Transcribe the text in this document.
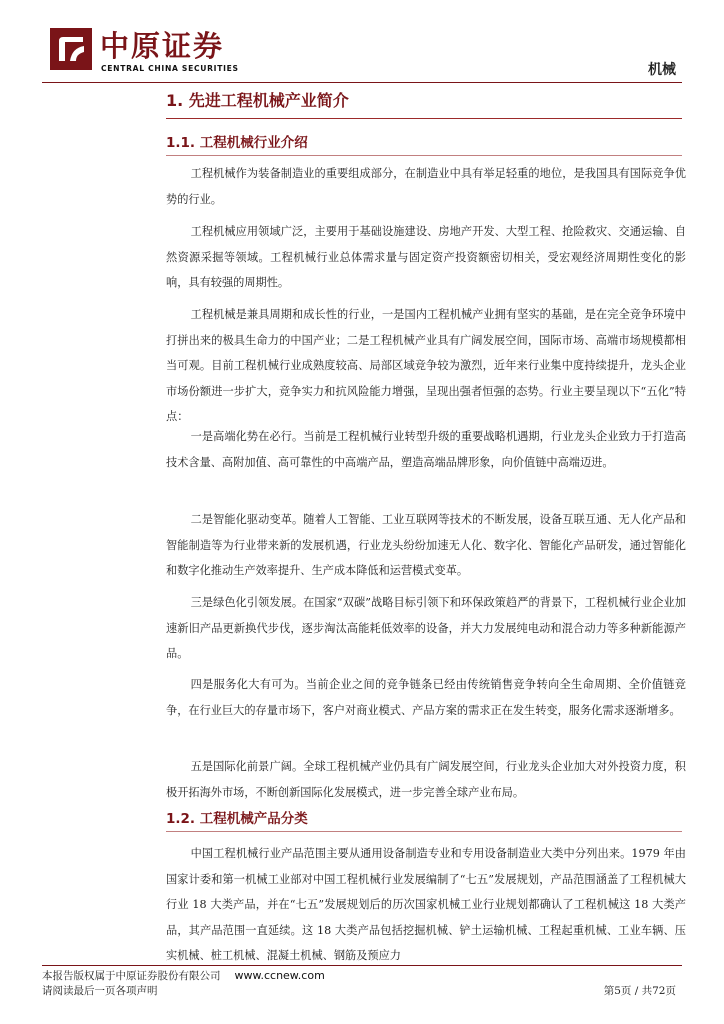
中原证券
CENTRAL CHINA SECURITIES	机械
1. 先进工程机械产业简介
1.1. 工程机械行业介绍

工程机械作为装备制造业的重要组成部分，在制造业中具有举足轻重的地位，是我国具有国际竞争优势的行业。

工程机械应用领域广泛，主要用于基础设施建设、房地产开发、大型工程、抢险救灾、交通运输、自然资源采掘等领域。工程机械行业总体需求量与固定资产投资额密切相关，受宏观经济周期性变化的影响，具有较强的周期性。

工程机械是兼具周期和成长性的行业，一是国内工程机械产业拥有坚实的基础，是在完全竞争环境中打拼出来的极具生命力的中国产业；二是工程机械产业具有广阔发展空间，国际市场、高端市场规模都相当可观。目前工程机械行业成熟度较高、局部区域竞争较为激烈，近年来行业集中度持续提升，龙头企业市场份额进一步扩大，竞争实力和抗风险能力增强，呈现出强者恒强的态势。行业主要呈现以下“五化”特点：

一是高端化势在必行。当前是工程机械行业转型升级的重要战略机遇期，行业龙头企业致力于打造高技术含量、高附加值、高可靠性的中高端产品，塑造高端品牌形象，向价值链中高端迈进。

二是智能化驱动变革。随着人工智能、工业互联网等技术的不断发展，设备互联互通、无人化产品和智能制造等为行业带来新的发展机遇，行业龙头纷纷加速无人化、数字化、智能化产品研发，通过智能化和数字化推动生产效率提升、生产成本降低和运营模式变革。

三是绿色化引领发展。在国家“双碳”战略目标引领下和环保政策趋严的背景下，工程机械行业企业加速新旧产品更新换代步伐，逐步淘汰高能耗低效率的设备，并大力发展纯电动和混合动力等多种新能源产品。

四是服务化大有可为。当前企业之间的竞争链条已经由传统销售竞争转向全生命周期、全价值链竞争，在行业巨大的存量市场下，客户对商业模式、产品方案的需求正在发生转变，服务化需求逐渐增多。

五是国际化前景广阔。全球工程机械产业仍具有广阔发展空间，行业龙头企业加大对外投资力度，积极开拓海外市场，不断创新国际化发展模式，进一步完善全球产业布局。

1.2. 工程机械产品分类

中国工程机械行业产品范围主要从通用设备制造专业和专用设备制造业大类中分列出来。1979 年由国家计委和第一机械工业部对中国工程机械行业发展编制了“七五”发展规划，产品范围涵盖了工程机械大行业 18 大类产品，并在“七五”发展规划后的历次国家机械工业行业规划都确认了工程机械这 18 大类产品，其产品范围一直延续。这 18 大类产品包括挖掘机械、铲土运输机械、工程起重机械、工业车辆、压实机械、桩工机械、混凝土机械、钢筋及预应力

本报告版权属于中原证券股份有限公司 www.ccnew.com
请阅读最后一页各项声明	第5页 / 共72页
